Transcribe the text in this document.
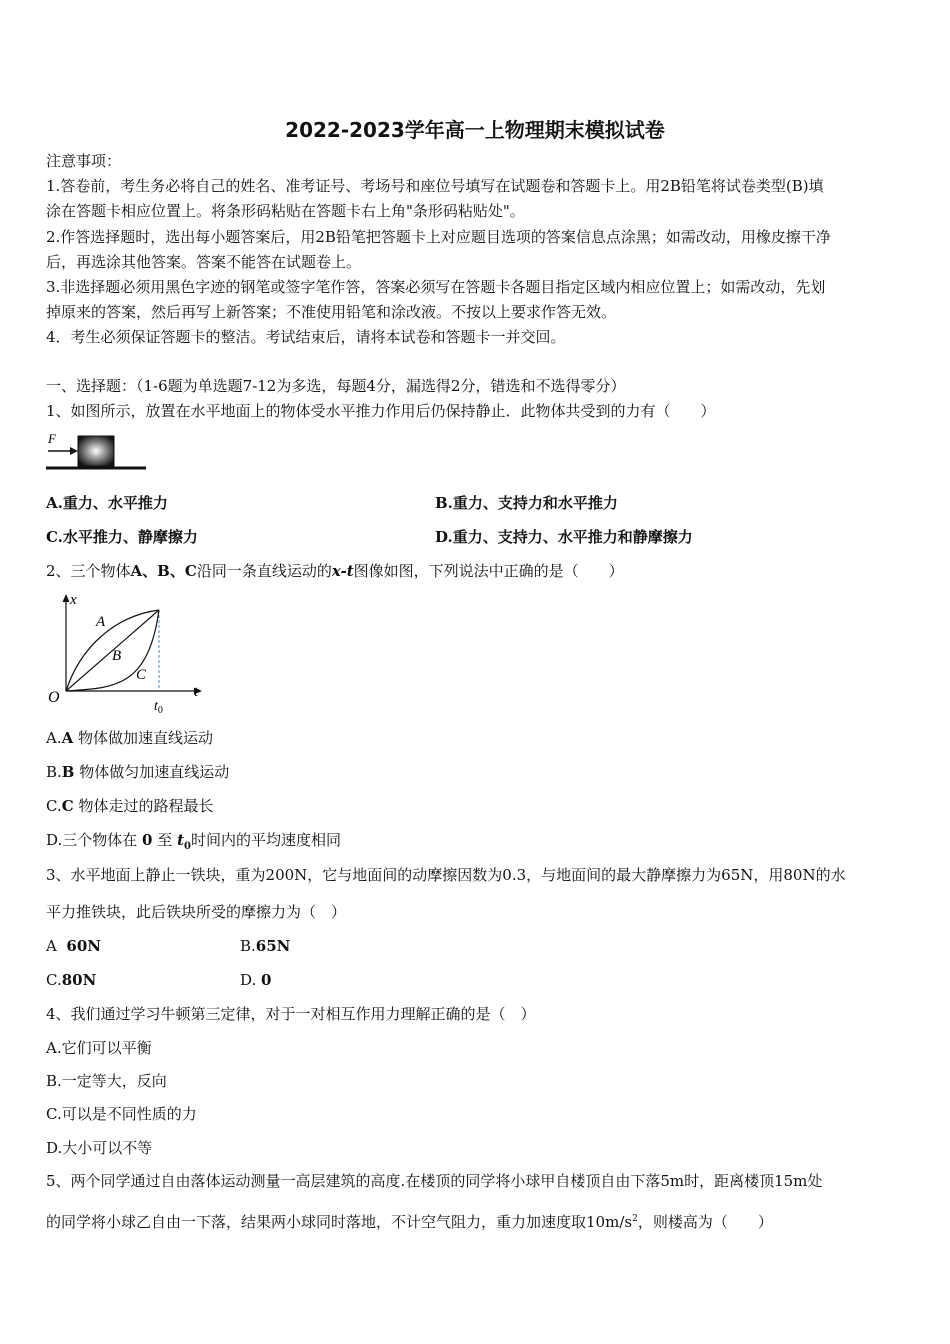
2022-2023学年高一上物理期末模拟试卷
注意事项：
1.答卷前，考生务必将自己的姓名、准考证号、考场号和座位号填写在试题卷和答题卡上。用2B铅笔将试卷类型(B)填
涂在答题卡相应位置上。将条形码粘贴在答题卡右上角"条形码粘贴处"。
2.作答选择题时，选出每小题答案后，用2B铅笔把答题卡上对应题目选项的答案信息点涂黑；如需改动，用橡皮擦干净
后，再选涂其他答案。答案不能答在试题卷上。
3.非选择题必须用黑色字迹的钢笔或签字笔作答，答案必须写在答题卡各题目指定区域内相应位置上；如需改动，先划
掉原来的答案，然后再写上新答案；不准使用铅笔和涂改液。不按以上要求作答无效。
4．考生必须保证答题卡的整洁。考试结束后，请将本试卷和答题卡一并交回。
一、选择题：（1-6题为单选题7-12为多选，每题4分，漏选得2分，错选和不选得零分）
1、如图所示，放置在水平地面上的物体受水平推力作用后仍保持静止．此物体共受到的力有（　　）
F
A.重力、水平推力	B.重力、支持力和水平推力
C.水平推力、静摩擦力	D.重力、支持力、水平推力和静摩擦力
2、三个物体A、B、C沿同一条直线运动的x-t图像如图，下列说法中正确的是（　　）
x
t
O
A
B
C
$t_0$
A.A 物体做加速直线运动
B.B 物体做匀加速直线运动
C.C 物体走过的路程最长
D.三个物体在 0 至 $t_0$时间内的平均速度相同
3、水平地面上静止一铁块，重为200N，它与地面间的动摩擦因数为0.3，与地面间的最大静摩擦力为65N，用80N的水
平力推铁块，此后铁块所受的摩擦力为（　）
A 60N	B.65N
C.80N	D. 0
4、我们通过学习牛顿第三定律，对于一对相互作用力理解正确的是（　）
A.它们可以平衡
B.一定等大，反向
C.可以是不同性质的力
D.大小可以不等
5、两个同学通过自由落体运动测量一高层建筑的高度.在楼顶的同学将小球甲自楼顶自由下落5m时，距离楼顶15m处
的同学将小球乙自由一下落，结果两小球同时落地，不计空气阻力，重力加速度取$10m/s^2$，则楼高为（　　）
